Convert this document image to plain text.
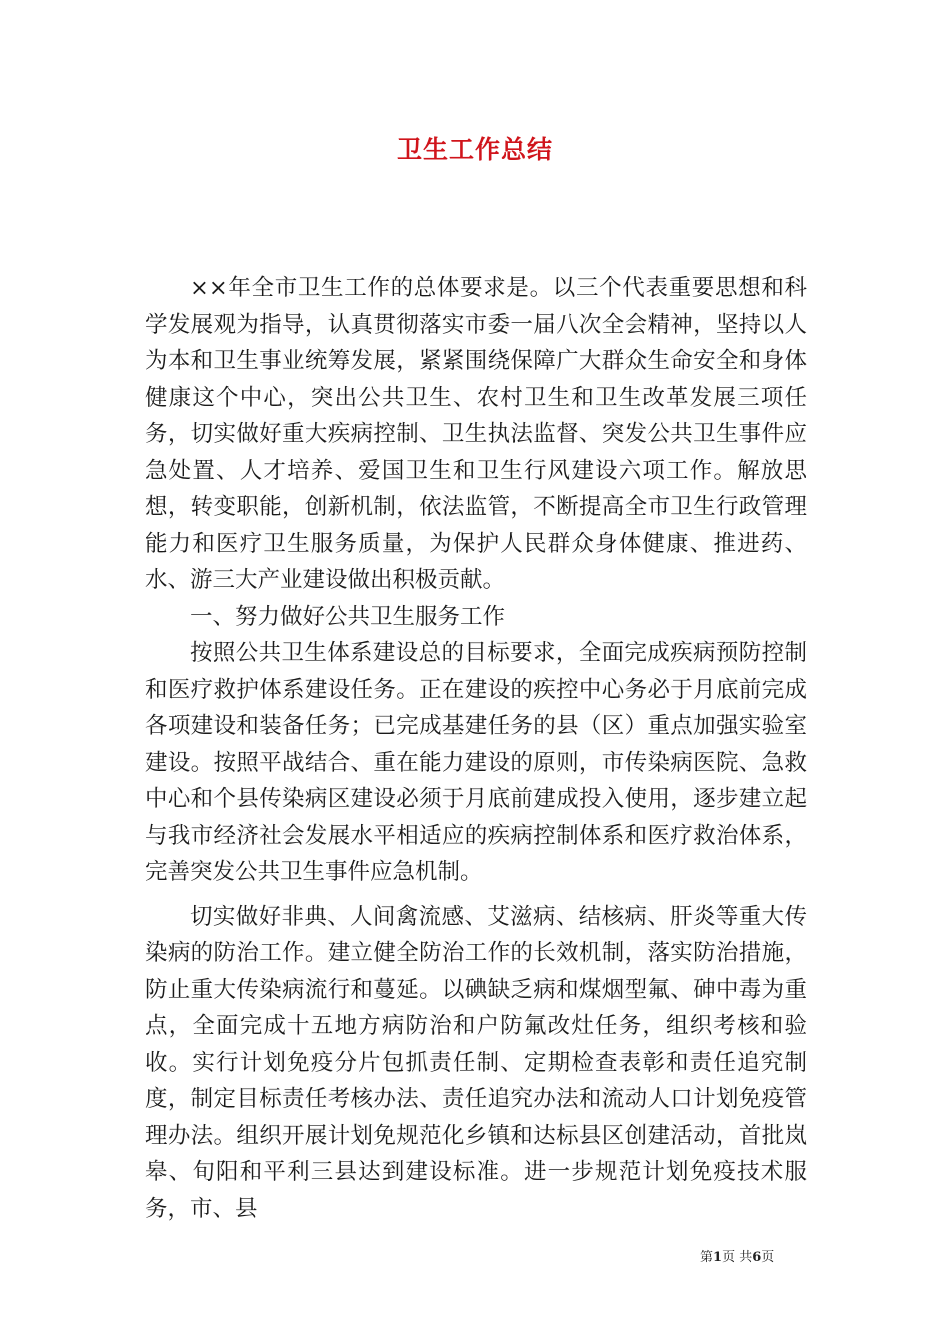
卫生工作总结

××年全市卫生工作的总体要求是。以三个代表重要思想和科学发展观为指导，认真贯彻落实市委一届八次全会精神，坚持以人为本和卫生事业统筹发展，紧紧围绕保障广大群众生命安全和身体健康这个中心，突出公共卫生、农村卫生和卫生改革发展三项任务，切实做好重大疾病控制、卫生执法监督、突发公共卫生事件应急处置、人才培养、爱国卫生和卫生行风建设六项工作。解放思想，转变职能，创新机制，依法监管，不断提高全市卫生行政管理能力和医疗卫生服务质量，为保护人民群众身体健康、推进药、水、游三大产业建设做出积极贡献。

一、努力做好公共卫生服务工作

按照公共卫生体系建设总的目标要求，全面完成疾病预防控制和医疗救护体系建设任务。正在建设的疾控中心务必于月底前完成各项建设和装备任务；已完成基建任务的县（区）重点加强实验室建设。按照平战结合、重在能力建设的原则，市传染病医院、急救中心和个县传染病区建设必须于月底前建成投入使用，逐步建立起与我市经济社会发展水平相适应的疾病控制体系和医疗救治体系，完善突发公共卫生事件应急机制。

切实做好非典、人间禽流感、艾滋病、结核病、肝炎等重大传染病的防治工作。建立健全防治工作的长效机制，落实防治措施，防止重大传染病流行和蔓延。以碘缺乏病和煤烟型氟、砷中毒为重点，全面完成十五地方病防治和户防氟改灶任务，组织考核和验收。实行计划免疫分片包抓责任制、定期检查表彰和责任追究制度，制定目标责任考核办法、责任追究办法和流动人口计划免疫管理办法。组织开展计划免规范化乡镇和达标县区创建活动，首批岚皋、旬阳和平利三县达到建设标准。进一步规范计划免疫技术服务，市、县

第1页 共6页
